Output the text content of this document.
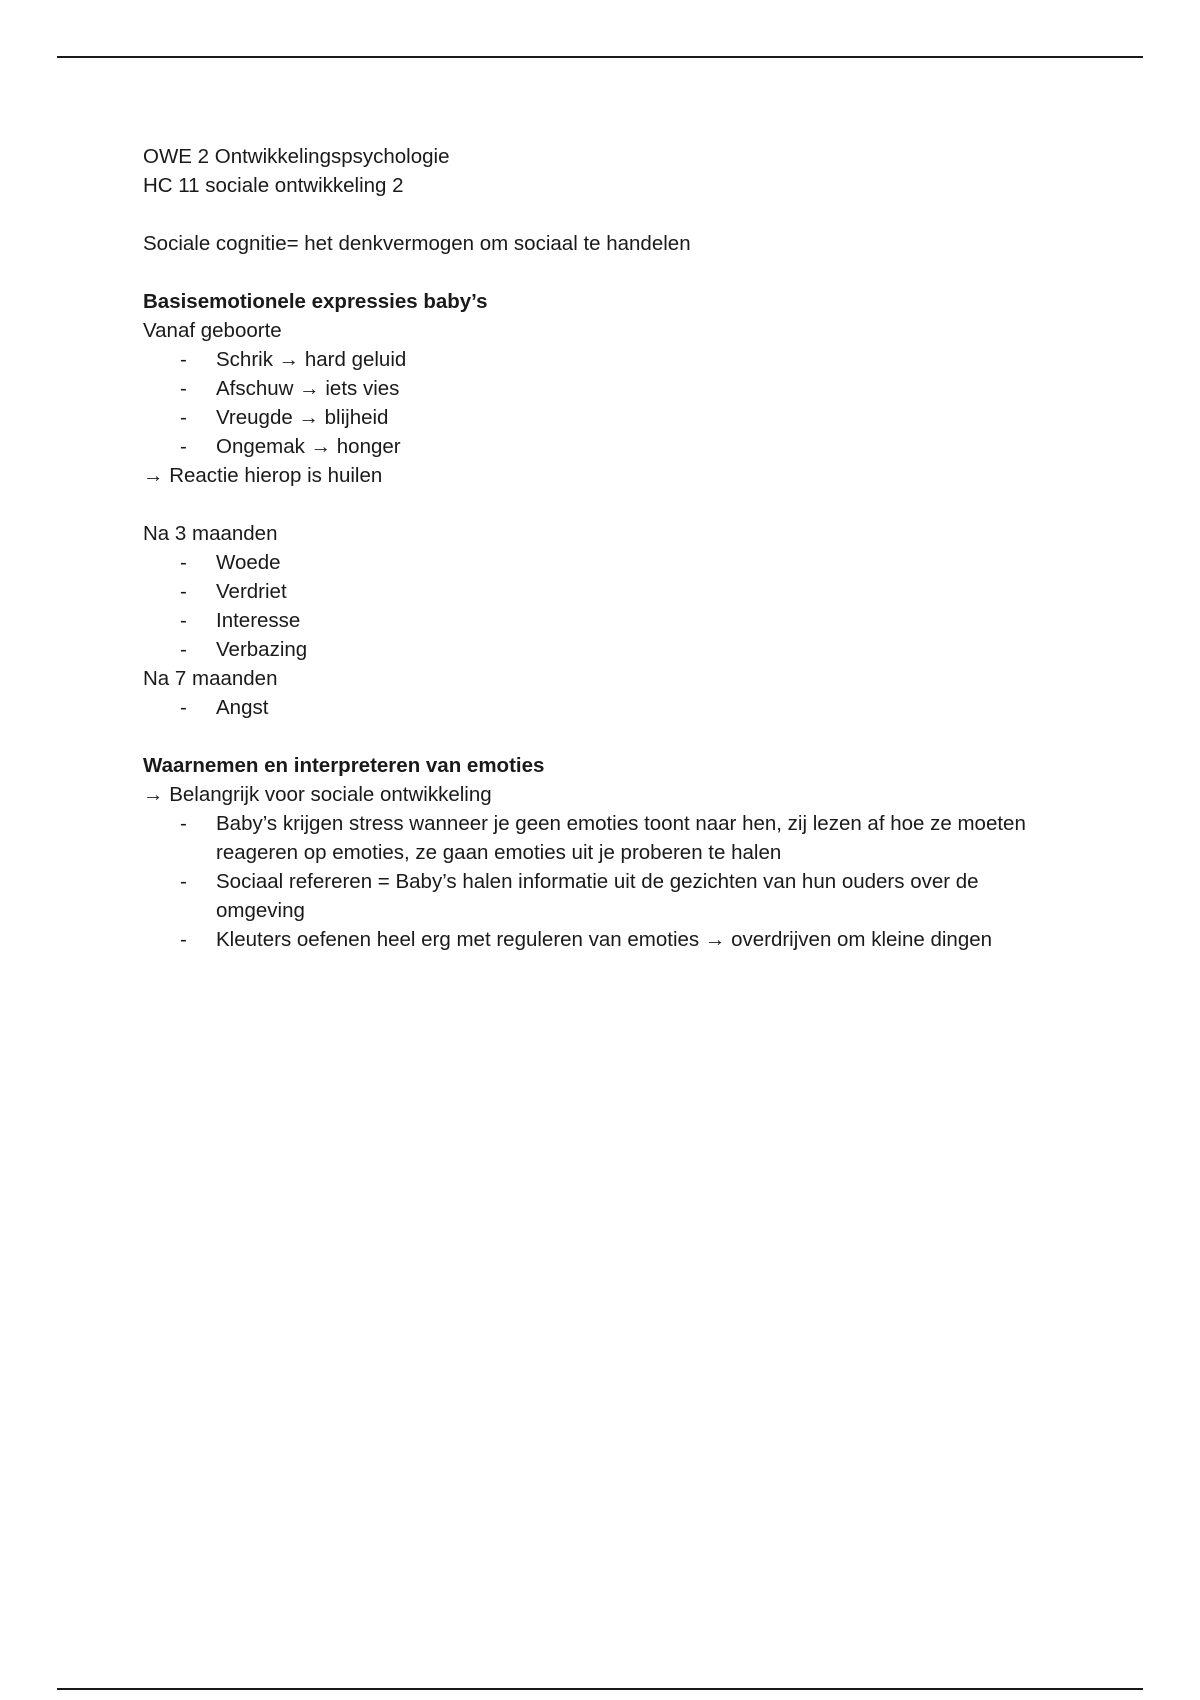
OWE 2 Ontwikkelingspsychologie

HC 11 sociale ontwikkeling 2

Sociale cognitie= het denkvermogen om sociaal te handelen

Basisemotionele expressies baby’s

Vanaf geboorte

- Schrik → hard geluid
- Afschuw → iets vies
- Vreugde → blijheid
- Ongemak → honger

→ Reactie hierop is huilen

Na 3 maanden

- Woede
- Verdriet
- Interesse
- Verbazing

Na 7 maanden

- Angst

Waarnemen en interpreteren van emoties

→ Belangrijk voor sociale ontwikkeling

- Baby’s krijgen stress wanneer je geen emoties toont naar hen, zij lezen af hoe ze moeten reageren op emoties, ze gaan emoties uit je proberen te halen
- Sociaal refereren = Baby’s halen informatie uit de gezichten van hun ouders over de omgeving
- Kleuters oefenen heel erg met reguleren van emoties → overdrijven om kleine dingen
